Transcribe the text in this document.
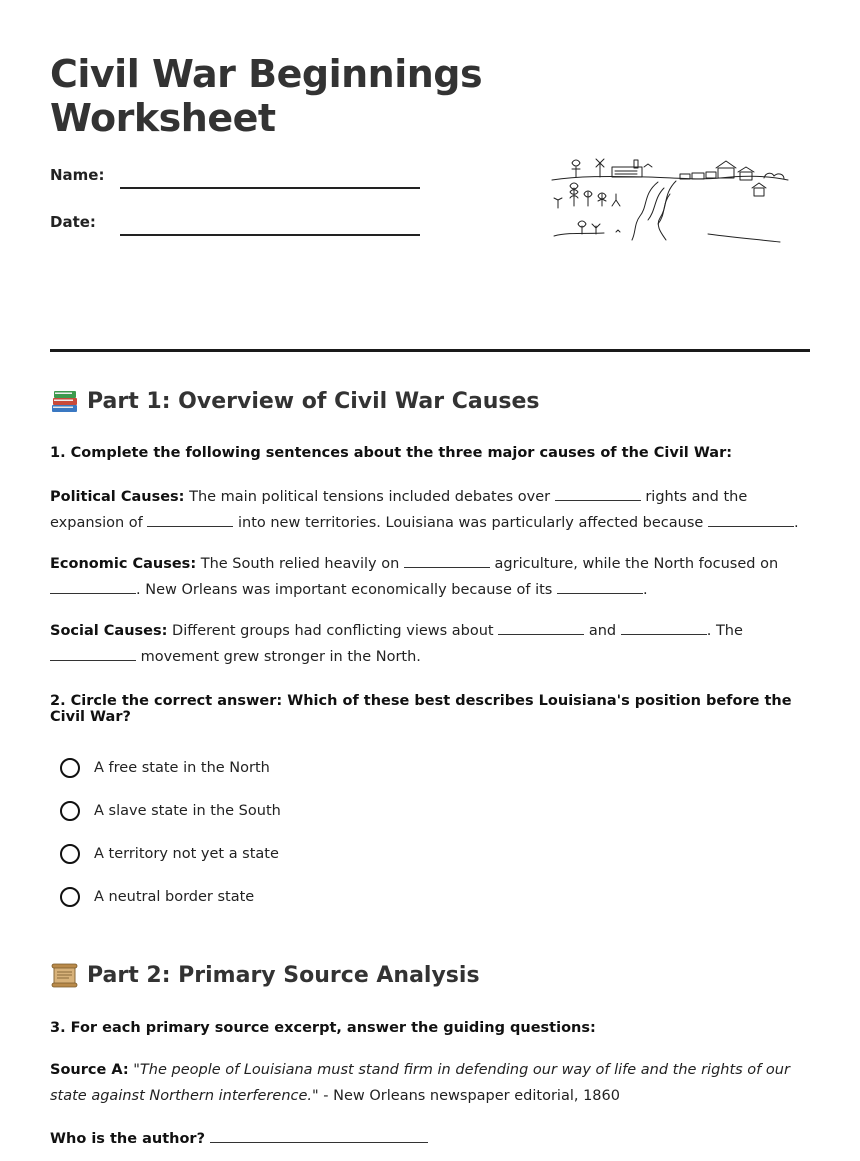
Civil War Beginnings
Worksheet
Name:
Date:
Part 1: Overview of Civil War Causes
1. Complete the following sentences about the three major causes of the Civil War:

Political Causes: The main political tensions included debates over	rights and the expansion of	into new territories. Louisiana was particularly affected because	.

Economic Causes: The South relied heavily on	agriculture, while the North focused on . New Orleans was important economically because of its	.

Social Causes: Different groups had conflicting views about	and	. The  movement grew stronger in the North.

2. Circle the correct answer: Which of these best describes Louisiana's position before the Civil War?
A free state in the North
A slave state in the South
A territory not yet a state
A neutral border state
Part 2: Primary Source Analysis
3. For each primary source excerpt, answer the guiding questions:

Source A: "The people of Louisiana must stand firm in defending our way of life and the rights of our state against Northern interference." - New Orleans newspaper editorial, 1860

Who is the author?
